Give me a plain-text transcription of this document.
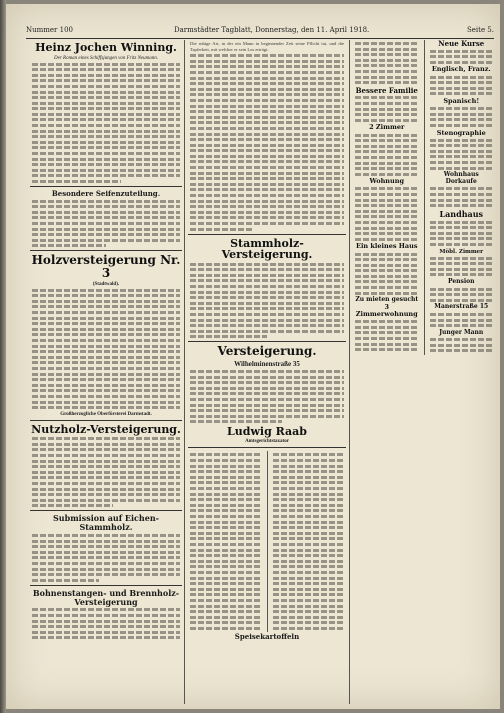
Nummer 100	Darmstädter Tagblatt, Donnerstag, den 11. April 1918.	Seite 5.
Heinz Jochen Winning.
Der Roman eines Schiffsjungen von Fritz Neumann.
Besondere Seifenzuteilung.
Holzversteigerung Nr. 3
(Stadtwald).
Großherzogliche Oberförsterei Darmstadt.
Nutzholz-Versteigerung.
Submission auf Eichen-Stammholz.
Bohnenstangen- und Brennholz-Versteigerung
Die ruhige Art, in der ein Mann in beginnender Zeit seine Pflicht tut, und die Tapferkeit, mit welcher er sein Los erträgt.
Stammholz-Versteigerung.
Versteigerung.
Wilhelminenstraße 35
Ludwig Raab
Amtsgerichtstaxator
Speisekartoffeln
Bessere Familie
2 Zimmer
Wohnung
Ein kleines Haus
Zu mieten gesucht
3 Zimmerwohnung
Neue Kurse
Englisch, Franz.
Spanisch!
Stenographie
Wohnhaus
Dorkaufe
Landhaus
Möbl. Zimmer
Pension
Manerstraße 15
Junger Mann
